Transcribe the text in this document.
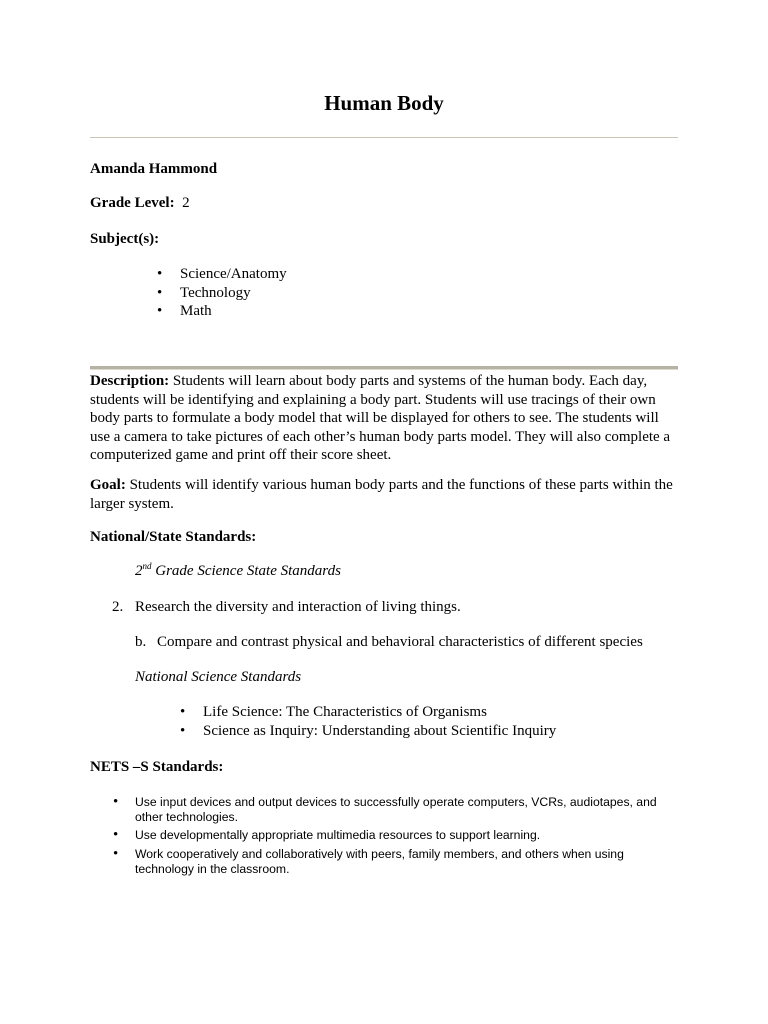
Human Body
Amanda Hammond
Grade Level: 2
Subject(s):
• Science/Anatomy
• Technology
• Math
Description: Students will learn about body parts and systems of the human body. Each day,
students will be identifying and explaining a body part. Students will use tracings of their own
body parts to formulate a body model that will be displayed for others to see. The students will
use a camera to take pictures of each other’s human body parts model. They will also complete a
computerized game and print off their score sheet.
Goal: Students will identify various human body parts and the functions of these parts within the
larger system.
National/State Standards:
2nd Grade Science State Standards
2. Research the diversity and interaction of living things.
b. Compare and contrast physical and behavioral characteristics of different species
National Science Standards
• Life Science: The Characteristics of Organisms
• Science as Inquiry: Understanding about Scientific Inquiry
NETS –S Standards:
• Use input devices and output devices to successfully operate computers, VCRs, audiotapes, and
other technologies.
• Use developmentally appropriate multimedia resources to support learning.
• Work cooperatively and collaboratively with peers, family members, and others when using
technology in the classroom.
